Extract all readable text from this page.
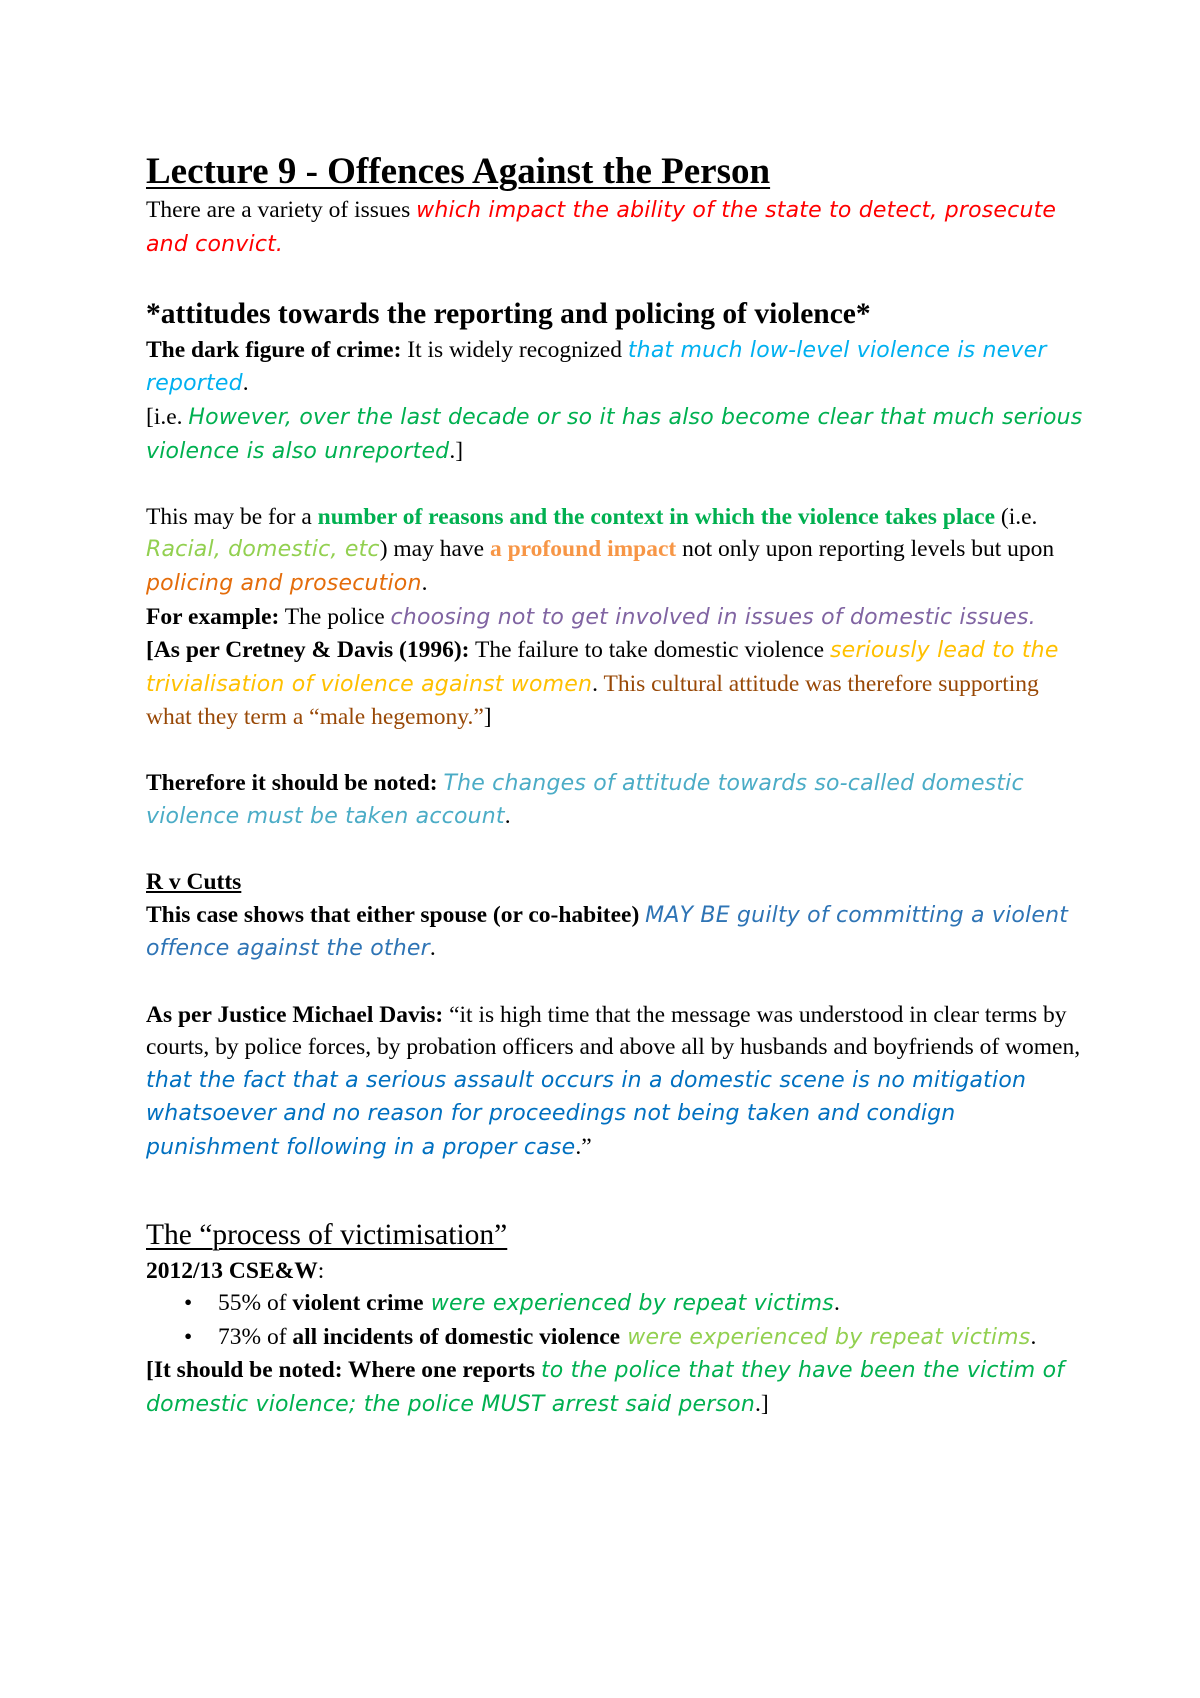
Lecture 9 - Offences Against the Person

There are a variety of issues which impact the ability of the state to detect, prosecute and convict.

*attitudes towards the reporting and policing of violence*

The dark figure of crime: It is widely recognized that much low-level violence is never reported.

[i.e. However, over the last decade or so it has also become clear that much serious violence is also unreported.]

This may be for a number of reasons and the context in which the violence takes place (i.e. Racial, domestic, etc) may have a profound impact not only upon reporting levels but upon policing and prosecution.

For example: The police choosing not to get involved in issues of domestic issues.

[As per Cretney & Davis (1996): The failure to take domestic violence seriously lead to the trivialisation of violence against women. This cultural attitude was therefore supporting what they term a “male hegemony.”]

Therefore it should be noted: The changes of attitude towards so-called domestic violence must be taken account.

R v Cutts

This case shows that either spouse (or co-habitee) MAY BE guilty of committing a violent offence against the other.

As per Justice Michael Davis: “it is high time that the message was understood in clear terms by courts, by police forces, by probation officers and above all by husbands and boyfriends of women, that the fact that a serious assault occurs in a domestic scene is no mitigation whatsoever and no reason for proceedings not being taken and condign punishment following in a proper case.”

The “process of victimisation”

2012/13 CSE&W:

• 55% of violent crime were experienced by repeat victims.
• 73% of all incidents of domestic violence were experienced by repeat victims.

[It should be noted: Where one reports to the police that they have been the victim of domestic violence; the police MUST arrest said person.]
